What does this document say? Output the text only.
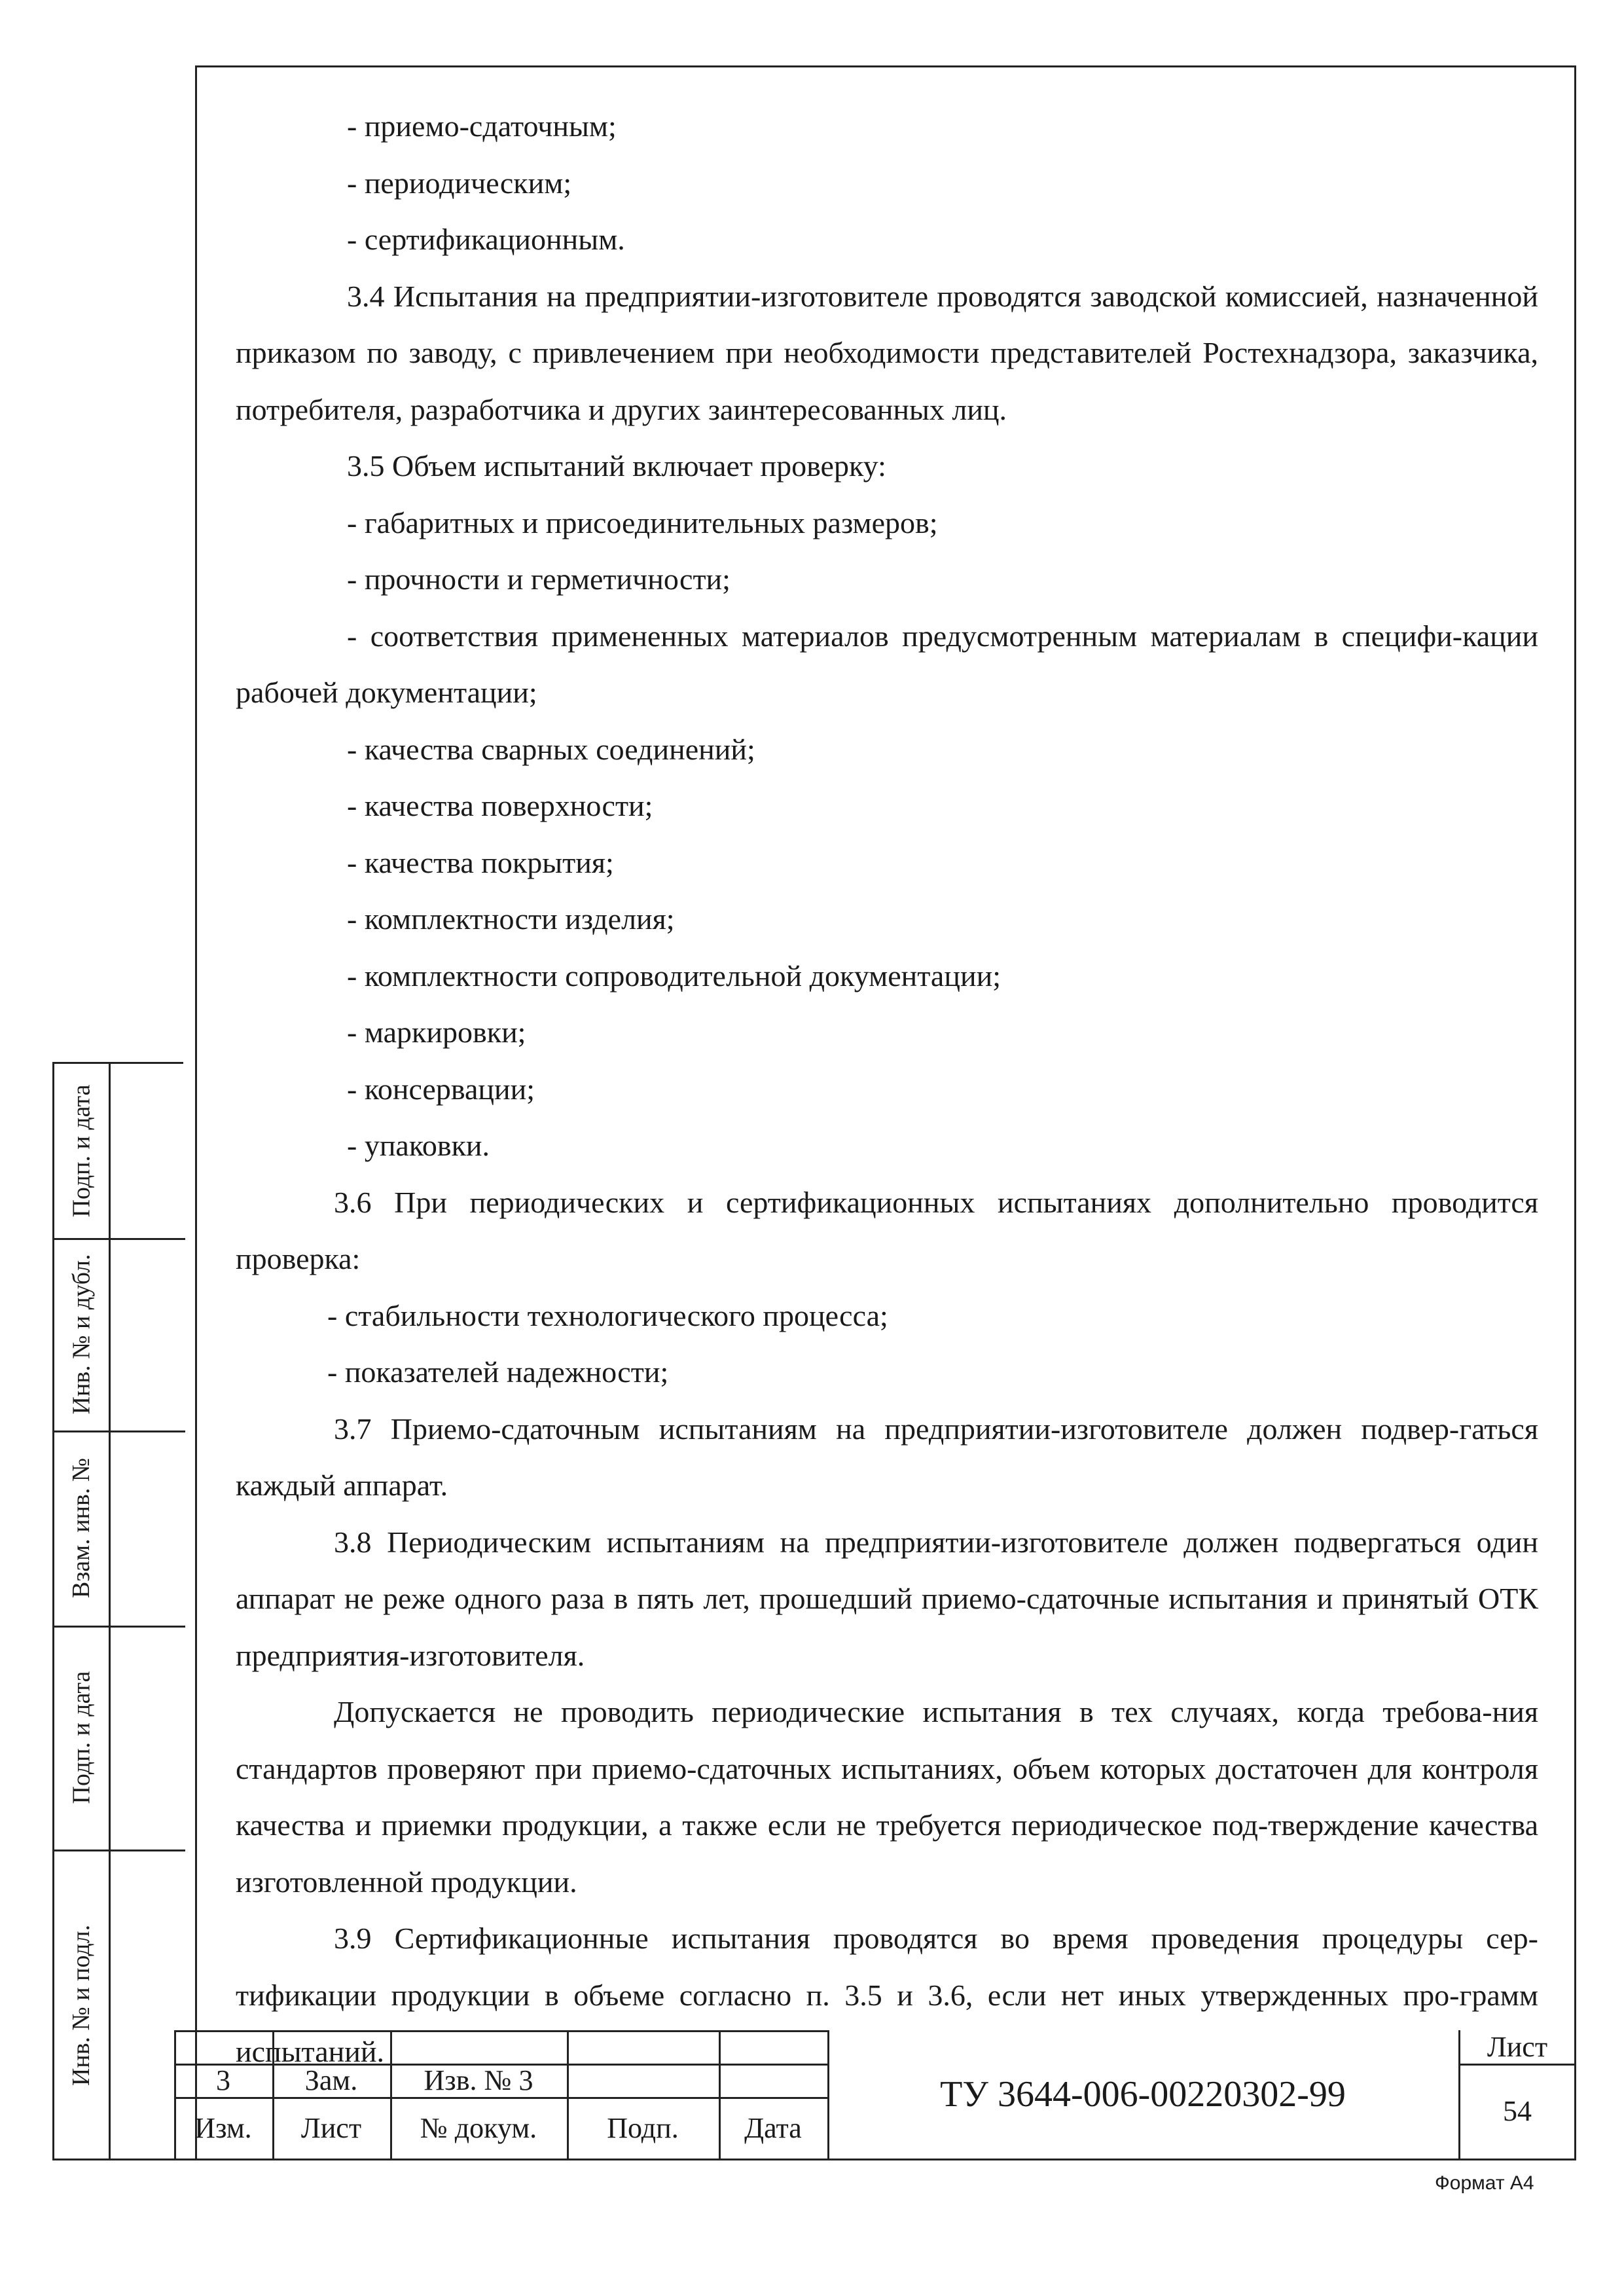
- приемо-сдаточным;

- периодическим;

- сертификационным.

3.4 Испытания на предприятии-изготовителе проводятся заводской комиссией, назначенной приказом по заводу, с привлечением при необходимости представителей Ростехнадзора, заказчика, потребителя, разработчика и других заинтересованных лиц.

3.5 Объем испытаний включает проверку:

- габаритных и присоединительных размеров;

- прочности и герметичности;

- соответствия примененных материалов предусмотренным материалам в специфи-кации рабочей документации;

- качества сварных соединений;

- качества поверхности;

- качества покрытия;

- комплектности изделия;

- комплектности сопроводительной документации;

- маркировки;

- консервации;

- упаковки.

3.6 При периодических и сертификационных испытаниях дополнительно проводится проверка:

- стабильности технологического процесса;

- показателей надежности;

3.7 Приемо-сдаточным испытаниям на предприятии-изготовителе должен подвер-гаться каждый аппарат.

3.8 Периодическим испытаниям на предприятии-изготовителе должен подвергаться один аппарат не реже одного раза в пять лет, прошедший приемо-сдаточные испытания и принятый ОТК предприятия-изготовителя.

Допускается не проводить периодические испытания в тех случаях, когда требова-ния стандартов проверяют при приемо-сдаточных испытаниях, объем которых достаточен для контроля качества и приемки продукции, а также если не требуется периодическое под-тверждение качества изготовленной продукции.

3.9 Сертификационные испытания проводятся во время проведения процедуры сер-тификации продукции в объеме согласно п. 3.5 и 3.6, если нет иных утвержденных про-грамм испытаний.

Подп. и дата
Инв. № и дубл.
Взам. инв. №
Подп. и дата
Инв. № и подл.	3	Зам.	Изв. № 3
Изм.	Лист	№ докум.	Подп.	Дата
ТУ 3644-006-00220302-99
Лист
54
Формат А4
